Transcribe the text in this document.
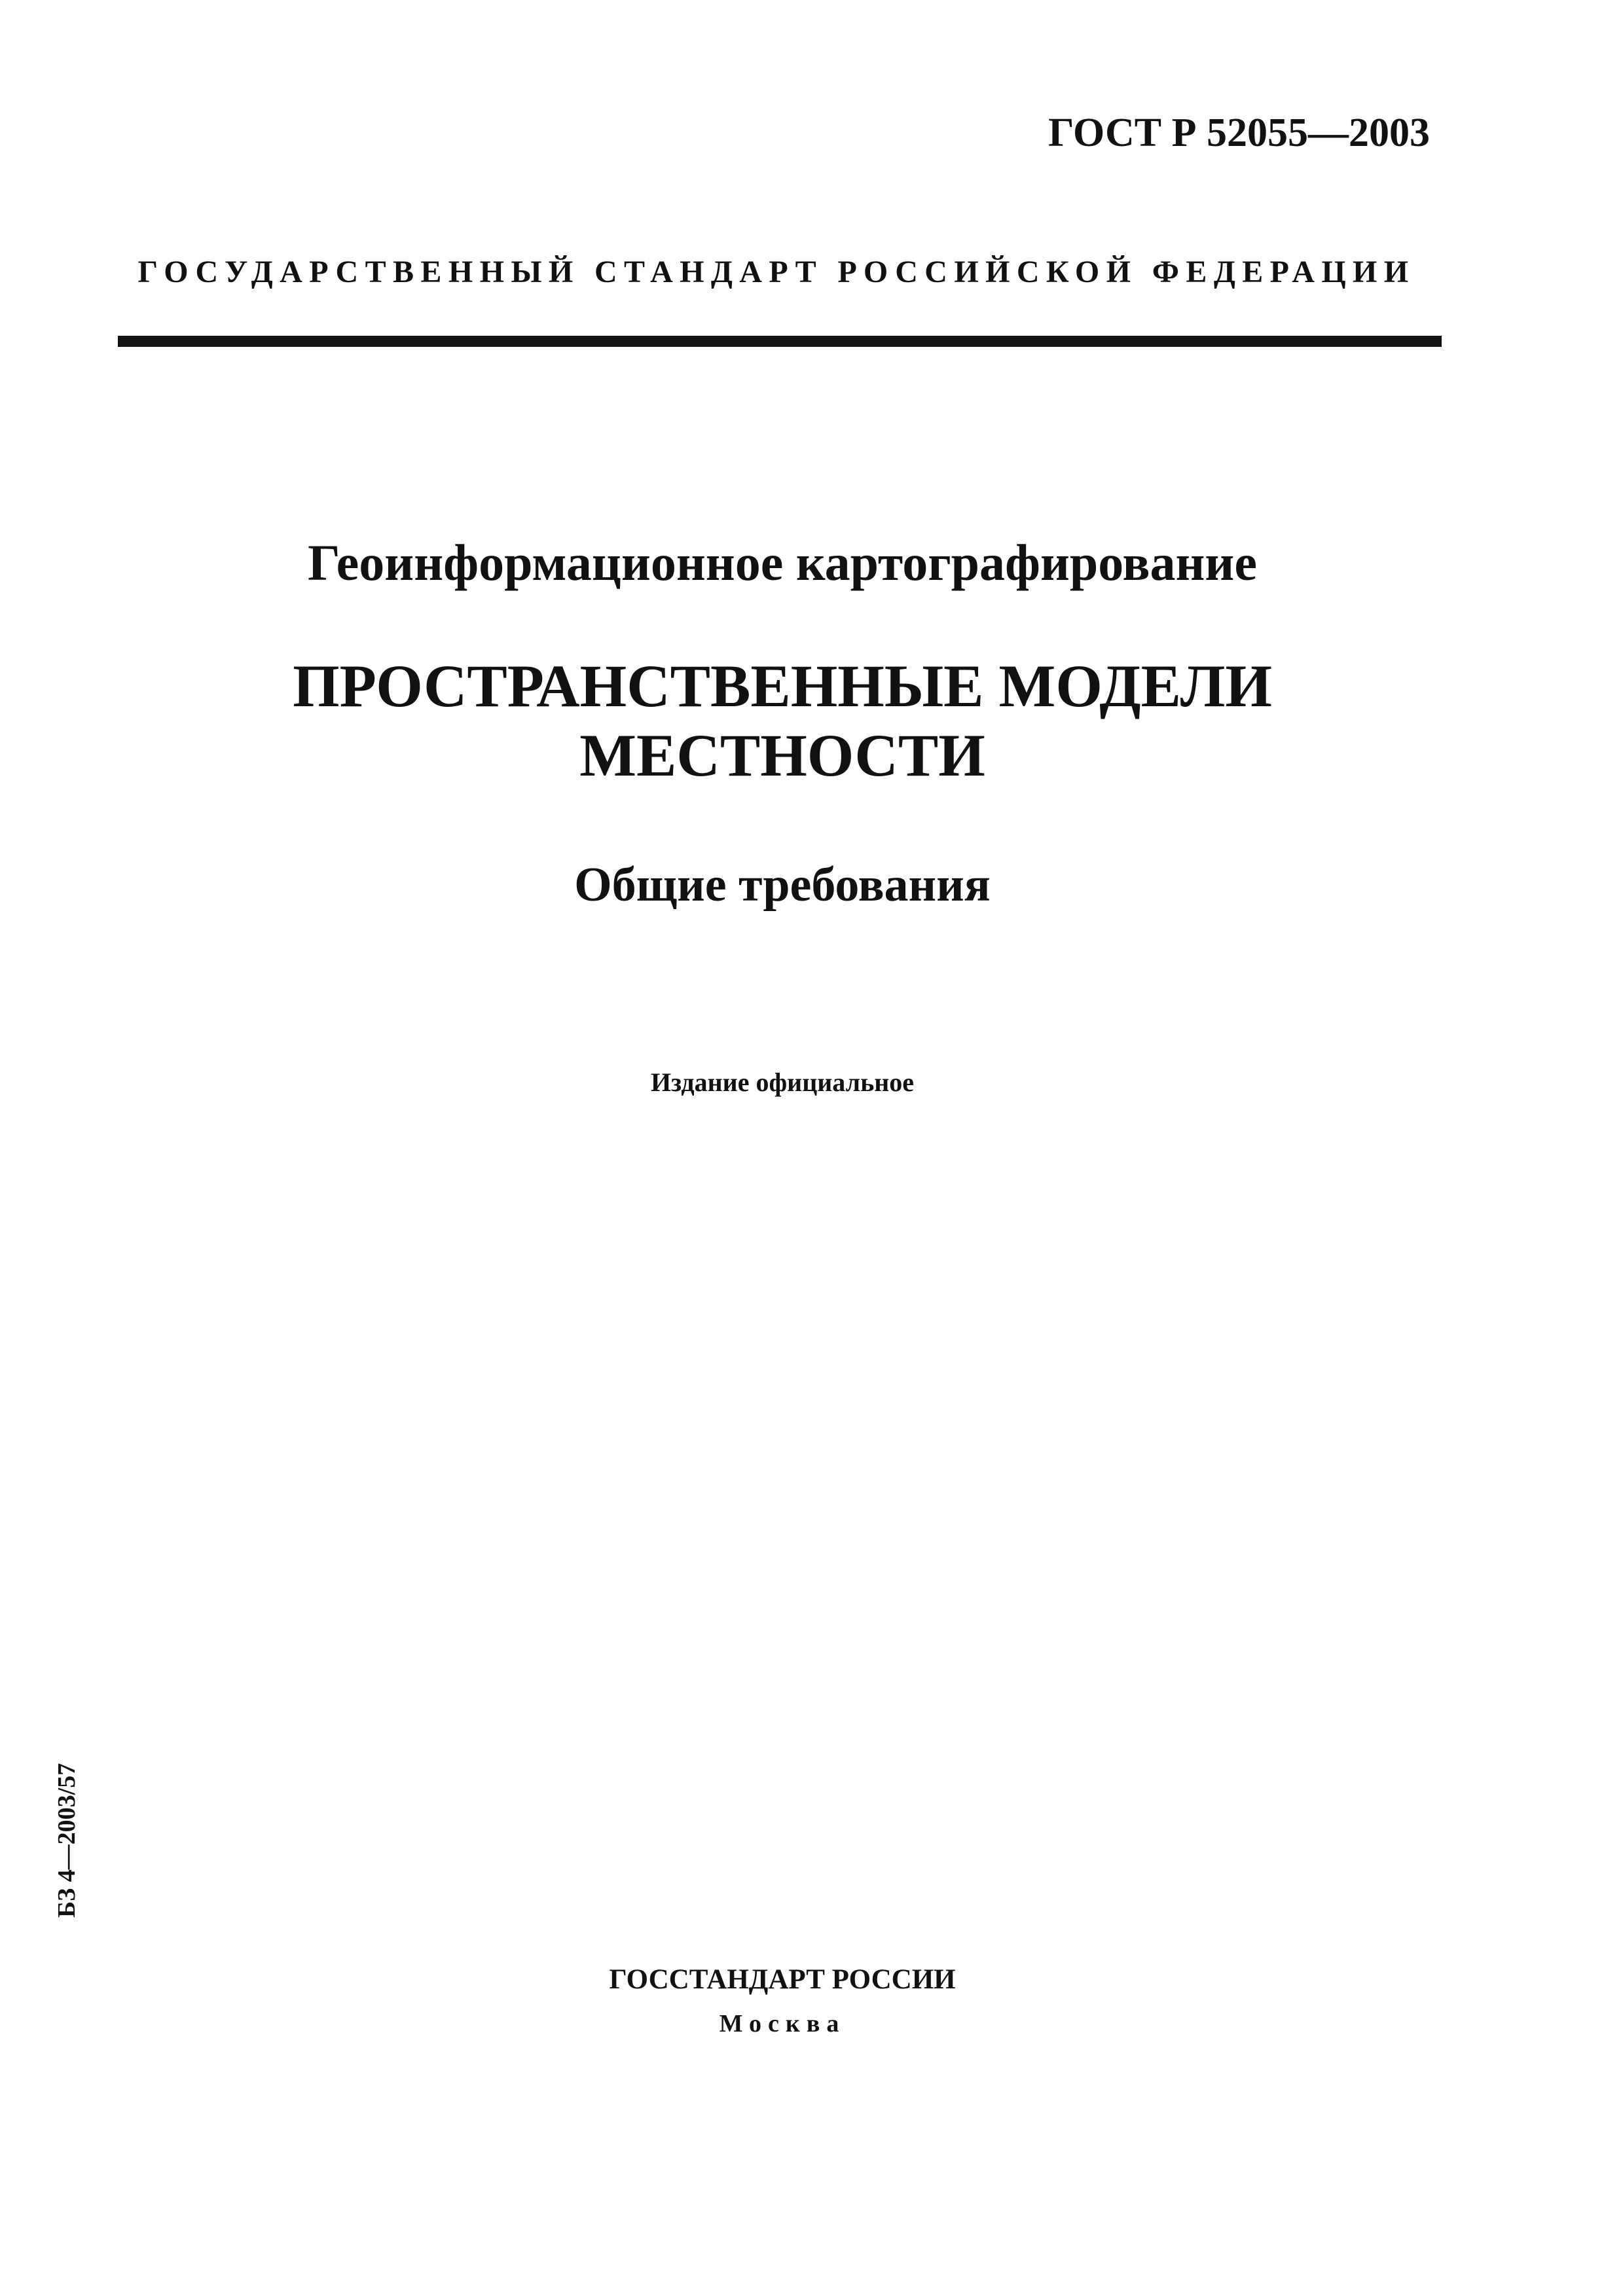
ГОСТ Р 52055—2003
ГОСУДАРСТВЕННЫЙ СТАНДАРТ РОССИЙСКОЙ ФЕДЕРАЦИИ
Геоинформационное картографирование
ПРОСТРАНСТВЕННЫЕ МОДЕЛИ
МЕСТНОСТИ
Общие требования
Издание официальное
БЗ 4—2003/57
ГОССТАНДАРТ РОССИИ
Москва
